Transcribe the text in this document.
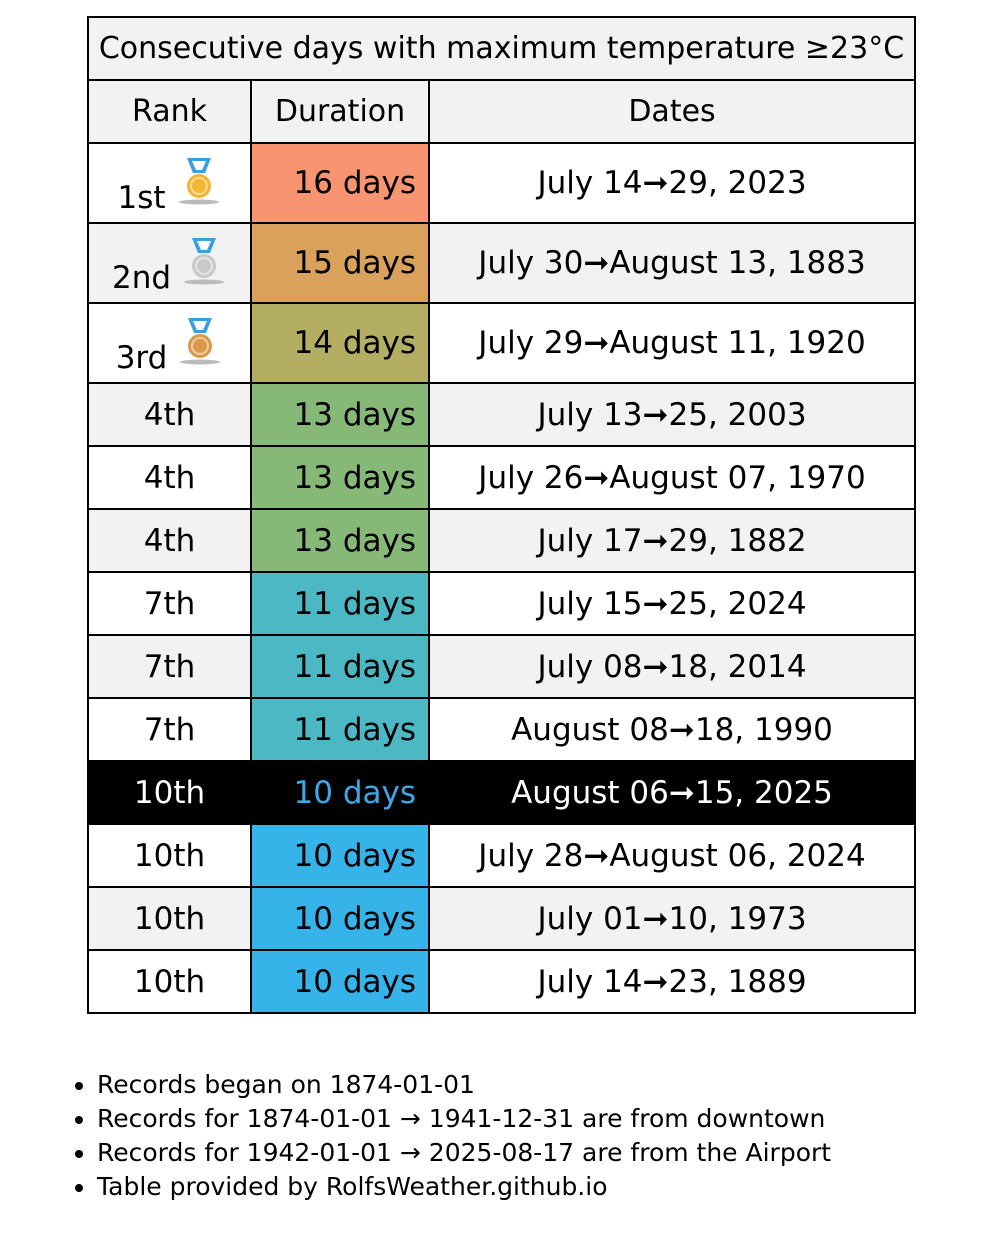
Consecutive days with maximum temperature ≥23°C		
Rank	Duration	Dates

1st	16 days	July 14➞29, 2023

2nd	15 days	July 30➞August 13, 1883

3rd	14 days	July 29➞August 11, 1920
4th	13 days	July 13➞25, 2003
4th	13 days	July 26➞August 07, 1970
4th	13 days	July 17➞29, 1882
7th	11 days	July 15➞25, 2024
7th	11 days	July 08➞18, 2014
7th	11 days	August 08➞18, 1990
10th	10 days	August 06➞15, 2025
10th	10 days	July 28➞August 06, 2024
10th	10 days	July 01➞10, 1973
10th	10 days	July 14➞23, 1889
• Records began on 1874-01-01
• Records for 1874-01-01 → 1941-12-31 are from downtown
• Records for 1942-01-01 → 2025-08-17 are from the Airport
• Table provided by RolfsWeather.github.io
